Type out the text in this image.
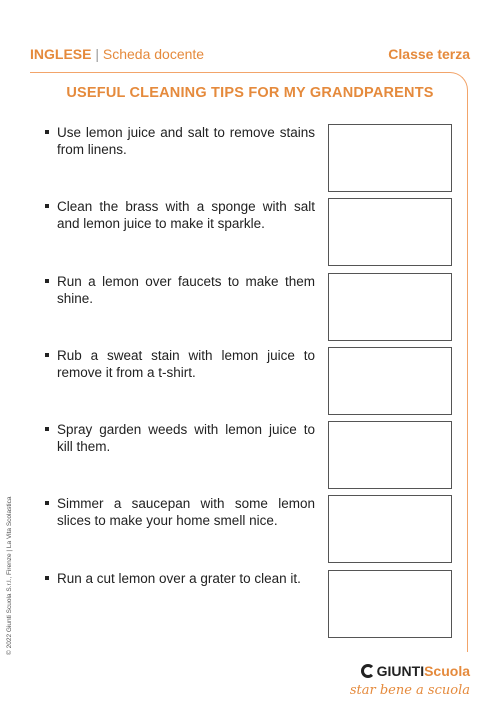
INGLESE | Scheda docente	Classe terza
USEFUL CLEANING TIPS FOR MY GRANDPARENTS
Use lemon juice and salt to remove stains from linens.
Clean the brass with a sponge with salt and lemon juice to make it sparkle.
Run a lemon over faucets to make them shine.
Rub a sweat stain with lemon juice to remove it from a t-shirt.
Spray garden weeds with lemon juice to kill them.
Simmer a saucepan with some lemon slices to make your home smell nice.
Run a cut lemon over a grater to clean it.
© 2022 Giunti Scuola S.r.l., Firenze | La Vita Scolastica
GIUNTIScuola
star bene a scuola
